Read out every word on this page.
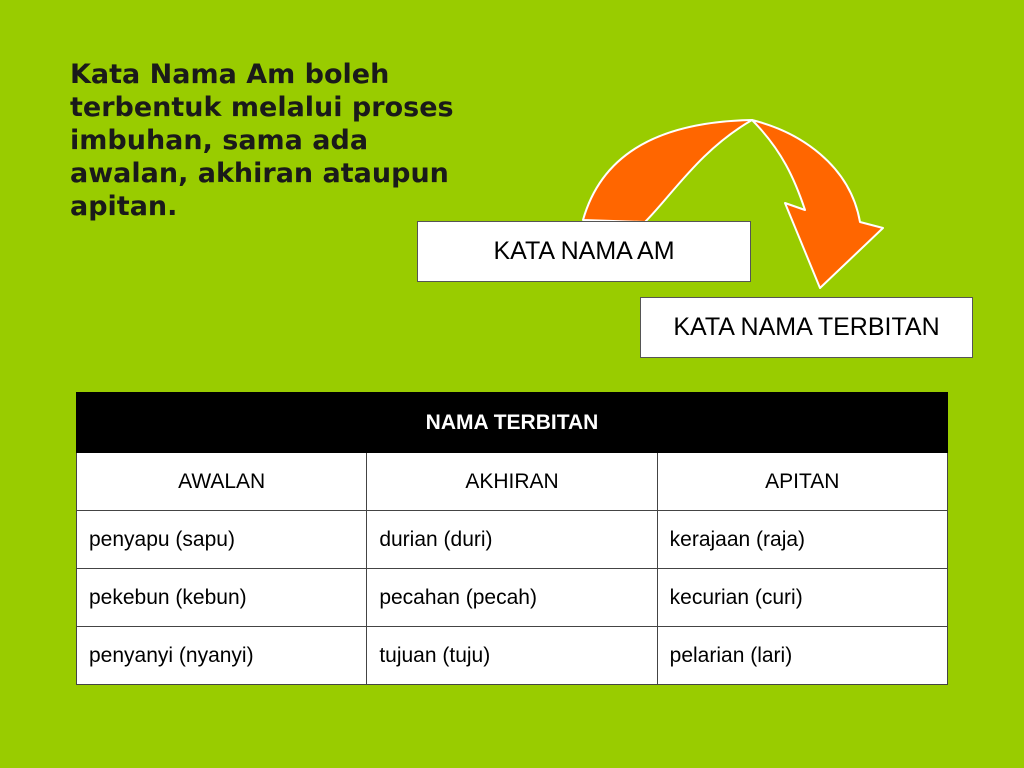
Kata Nama Am boleh
terbentuk melalui proses
imbuhan, sama ada
awalan, akhiran ataupun
apitan.

KATA NAMA AM
KATA NAMA TERBITAN
NAMA TERBITAN		
AWALAN	AKHIRAN	APITAN
penyapu (sapu)	durian (duri)	kerajaan (raja)
pekebun (kebun)	pecahan (pecah)	kecurian (curi)
penyanyi (nyanyi)	tujuan (tuju)	pelarian (lari)
